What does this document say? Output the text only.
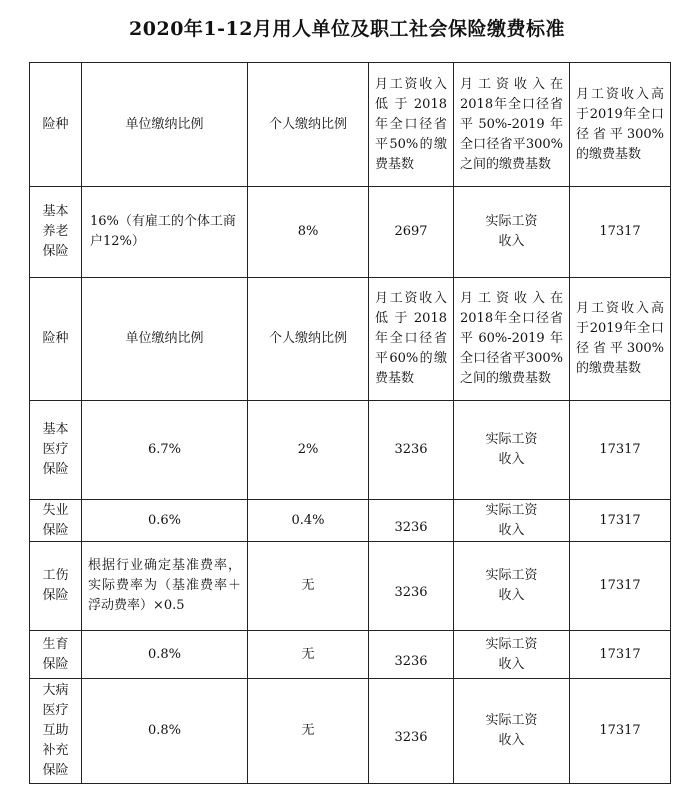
2020年1-12月用人单位及职工社会保险缴费标准
险种	单位缴纳比例	个人缴纳比例	月工资收入低于2018年全口径省平50%的缴费基数	月工资收入在2018年全口径省平50%-2019年全口径省平300%之间的缴费基数	月工资收入高于2019年全口径省平300%的缴费基数
基本养老保险	16%（有雇工的个体工商户12%）	8%	2697	实际工资收入	17317
险种	单位缴纳比例	个人缴纳比例	月工资收入低于2018年全口径省平60%的缴费基数	月工资收入在2018年全口径省平60%-2019年全口径省平300%之间的缴费基数	月工资收入高于2019年全口径省平300%的缴费基数
基本医疗保险	6.7%	2%	3236	实际工资收入	17317
失业保险	0.6%	0.4%	3236	实际工资收入	17317
工伤保险	根据行业确定基准费率，实际费率为（基准费率＋浮动费率）×0.5	无	3236	实际工资收入	17317
生育保险	0.8%	无	3236	实际工资收入	17317
大病医疗互助补充保险	0.8%	无	3236	实际工资收入	17317
